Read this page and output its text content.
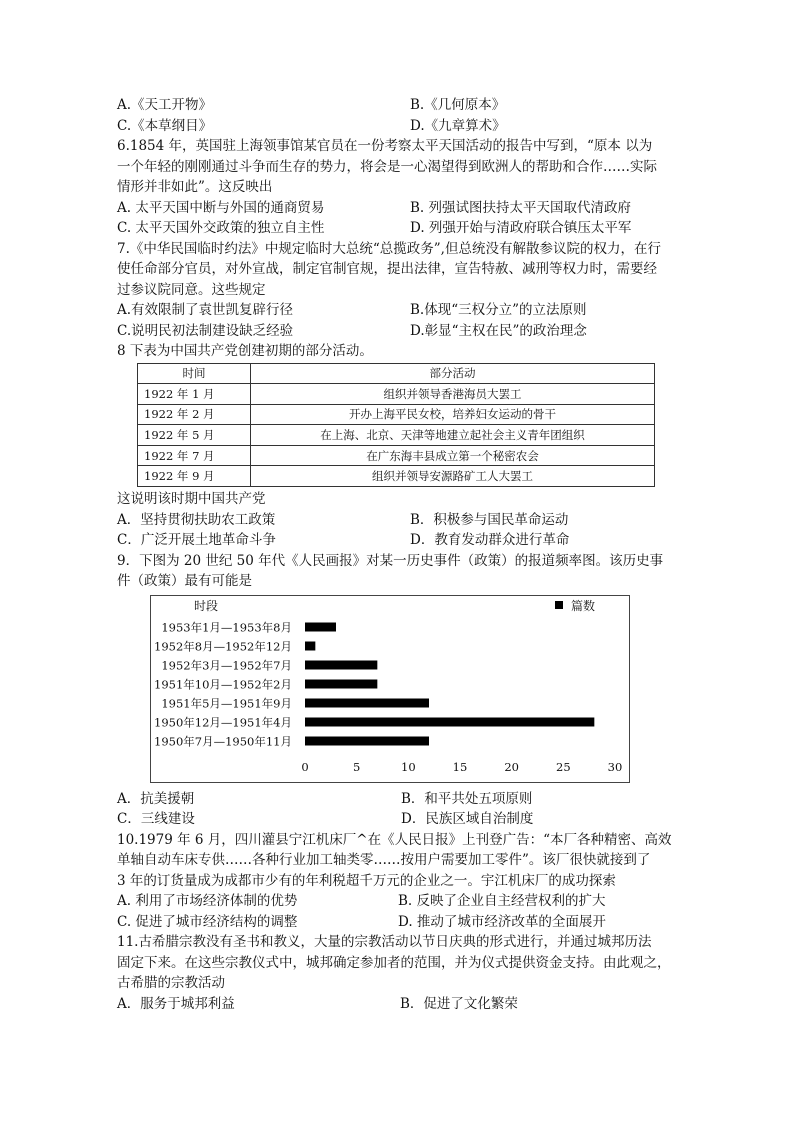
A.《天工开物》	B.《几何原本》
C.《本草纲目》	D.《九章算术》
6.1854 年，英国驻上海领事馆某官员在一份考察太平天国活动的报告中写到，“原本 以为
一个年轻的刚刚通过斗争而生存的势力，将会是一心渴望得到欧洲人的帮助和合作……实际
情形并非如此”。这反映出
A. 太平天国中断与外国的通商贸易	B. 列强试图扶持太平天国取代清政府
C. 太平天国外交政策的独立自主性	D. 列强开始与清政府联合镇压太平军
7.《中华民国临时约法》中规定临时大总统“总揽政务”,但总统没有解散参议院的权力，在行
使任命部分官员，对外宣战，制定官制官规，提出法律，宣告特赦、减刑等权力时，需要经
过参议院同意。这些规定
A.有效限制了袁世凯复辟行径	B.体现“三权分立”的立法原则
C.说明民初法制建设缺乏经验	D.彰显“主权在民”的政治理念
8 下表为中国共产党创建初期的部分活动。
时间	部分活动
1922 年 1 月	组织并领导香港海员大罢工
1922 年 2 月	开办上海平民女校，培养妇女运动的骨干
1922 年 5 月	在上海、北京、天津等地建立起社会主义青年团组织
1922 年 7 月	在广东海丰县成立第一个秘密农会
1922 年 9 月	组织并领导安源路矿工人大罢工
这说明该时期中国共产党
A．坚持贯彻扶助农工政策	B．积极参与国民革命运动
C．广泛开展土地革命斗争	D．教育发动群众进行革命
9．下图为 20 世纪 50 年代《人民画报》对某一历史事件（政策）的报道频率图。该历史事
件（政策）最有可能是
时段	篇数
1953年1月—1953年8月
1952年8月—1952年12月
1952年3月—1952年7月
1951年10月—1952年2月
1951年5月—1951年9月
1950年12月—1951年4月
1950年7月—1950年11月
0	5	10	15	20	25	30
A．抗美援朝	B．和平共处五项原则
C．三线建设	D．民族区域自治制度
10.1979 年 6 月，四川灌县宁江机床厂^在《人民日报》上刊登广告：“本厂各种精密、高效
单轴自动车床专供……各种行业加工轴类零……按用户需要加工零件”。该厂很快就接到了
3 年的订货量成为成都市少有的年利税超千万元的企业之一。宇江机床厂的成功探索
A. 利用了市场经济体制的优势	B. 反映了企业自主经营权利的扩大
C. 促进了城市经济结构的调整	D. 推动了城市经济改革的全面展开
11.古希腊宗教没有圣书和教义，大量的宗教活动以节日庆典的形式进行，并通过城邦历法
固定下来。在这些宗教仪式中，城邦确定参加者的范围，并为仪式提供资金支持。由此观之，
古希腊的宗教活动
A．服务于城邦利益	B．促进了文化繁荣
